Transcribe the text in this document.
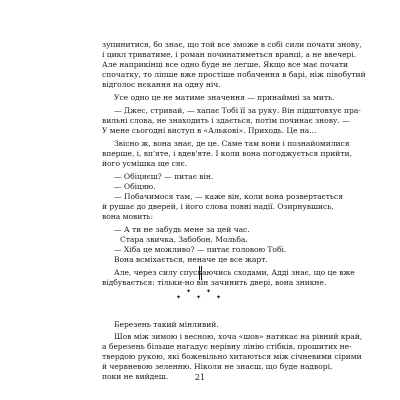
зупинитися, бо знає, що той все зможе в собі сили почати знову,
і цикл триватиме, і роман починатиметься вранці, а не ввечері.
Але наприкінці все одно буде не легше. Якщо все має почати
спочатку, то ліпше вже простіше побачення в барі, ніж півобутий
відголос нєкання на одну ніч.
Усе одно це не матиме значення — принаймні за мить.
— Джес, стривай, — хапає Тобі її за руку. Він підштовхує пра-
вильні слова, не знаходить і здається, потім починає знову. —
У мене сьогодні виступ в «Алькові». Приходь. Це на...
Звісно ж, вона знає, де це. Саме там вони і познайомилися
вперше, і, вп'яте, і вдев'яте. І коли вона погоджується прийти,
його усмішка ще сяє.
— Обіцяєш? — питає він.
— Обіцяю.
— Побачимося там, — каже він, коли вона розвертається
й рушає до дверей, і його слова повні надії. Озирнувшись,
вона мовить:
— А ти не забудь мене за цей час.
Стара звичка. Забобон. Мольба.
— Хіба це можливо? — питає головою Тобі.
Вона всміхається, неначе це все жарт.
Але, через силу спускаючись сходами, Адді знає, що це вже
відбувається: тільки-но він зачинить двері, вона зникне.
✦
✦
✦
✦
✦
Березень такий мінливий.
Шов між зимою і весною, хоча «шов» натякає на рівний край,
а березень більше нагадує нерівну лінію стібків, прошитих не-
твердою рукою, які божевільно хитаються між січневими сірими
й червневою зеленню. Ніколи не знаєш, що буде надворі,
поки не вийдеш.	21
